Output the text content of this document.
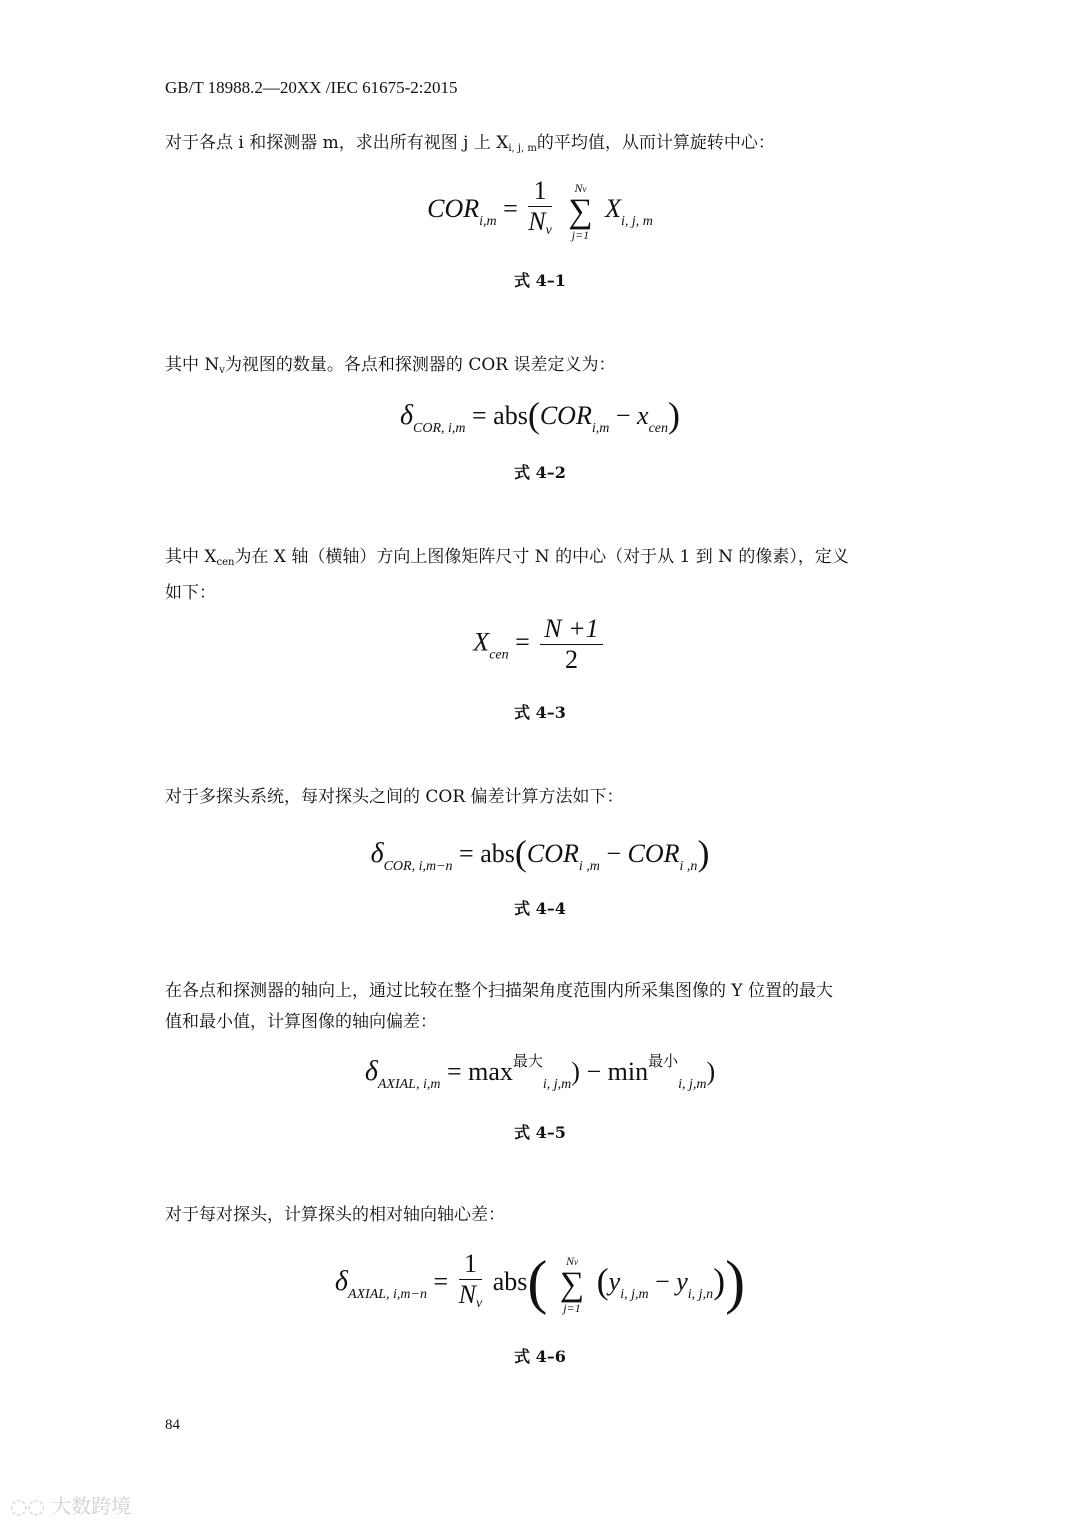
GB/T 18988.2—20XX /IEC 61675-2:2015
对于各点 i 和探测器 m，求出所有视图 j 上 $X_{i, j, m}$的平均值，从而计算旋转中心：
$COR_{i,m} = \frac{1}{N_v}$
	Nv
∑
j=1
$X_{i, j, m}$
式 4–1
其中 $N_v$为视图的数量。各点和探测器的 COR 误差定义为：
$\delta_{COR, i,m} = abs(COR_{i,m} - x_{cen})$
式 4–2
其中 $X_{cen}$为在 X 轴（横轴）方向上图像矩阵尺寸 N 的中心（对于从 1 到 N 的像素），定义
如下：
$X_{cen} = \frac{N +1}{2}$
式 4–3
对于多探头系统，每对探头之间的 COR 偏差计算方法如下：
$\delta_{COR, i,m-n} = abs(COR_{i ,m} - COR_{i ,n})$
式 4–4
在各点和探测器的轴向上，通过比较在整个扫描架角度范围内所采集图像的 Y 位置的最大
值和最小值，计算图像的轴向偏差：
$\delta_{AXIAL, i,m} = \max^{最大}_{i, j,m}) - \min^{最小}_{i, j,m}$)
式 4–5
对于每对探头，计算探头的相对轴向轴心差：
$\delta_{AXIAL, i,m-n} = \frac{1}{N_v} abs$(	Nv
∑
j=1
$(y_{i, j,m} - y_{i, j,n})$)
式 4–6
84
◌◌ 大数跨境
